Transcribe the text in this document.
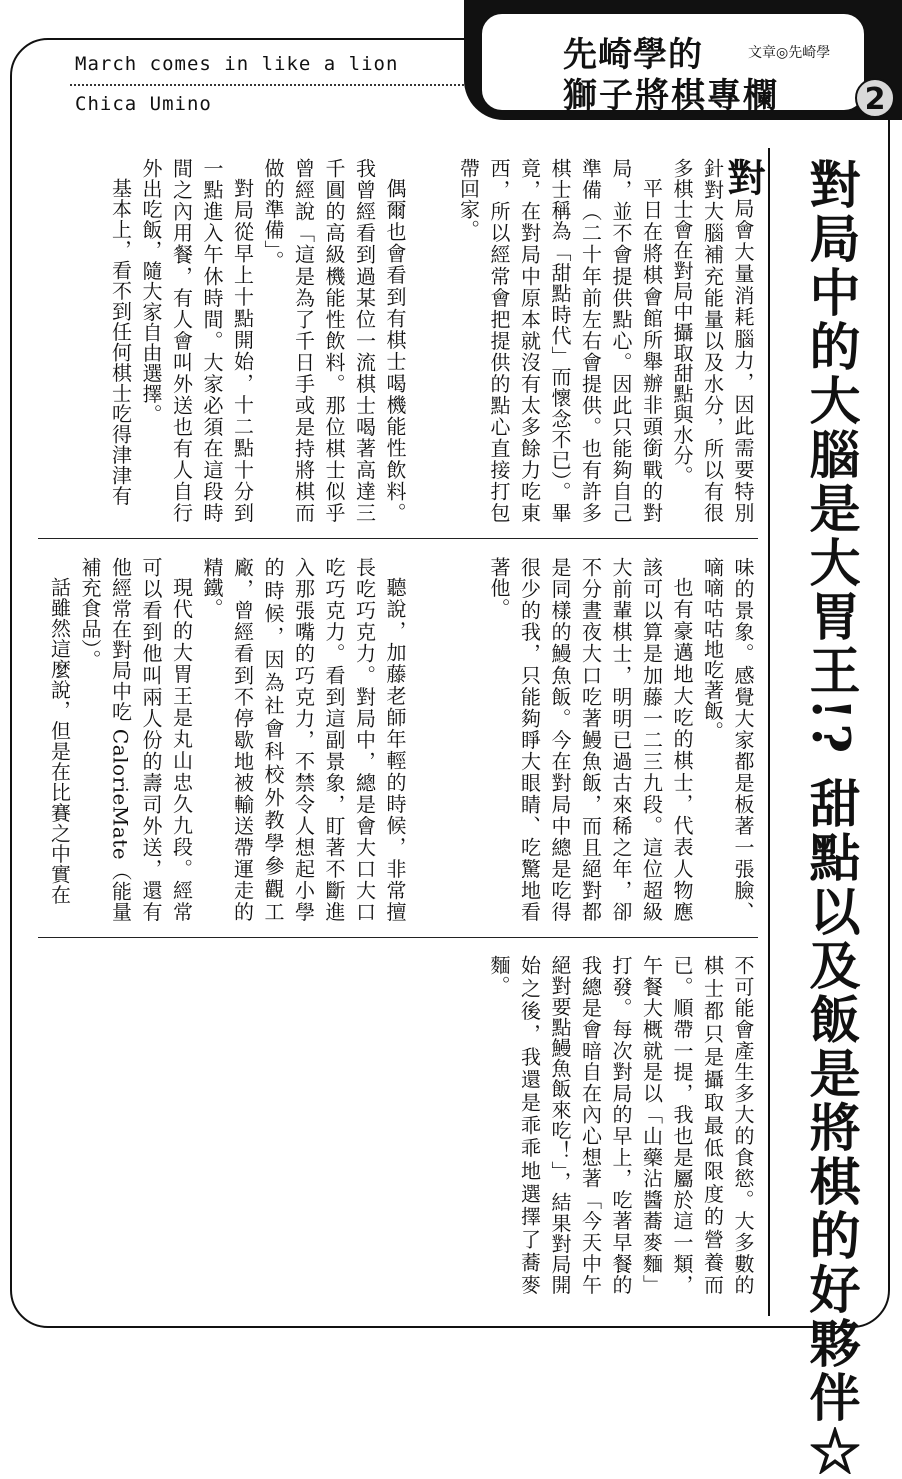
March comes in like a lion
Chica Umino
先崎學的
獅子將棋專欄
文章◎先崎學
2
對局中的大腦是大胃王!? 甜點以及飯是將棋的好夥伴☆

對局會大量消耗腦力，因此需要特別針對大腦補充能量以及水分，所以有很多棋士會在對局中攝取甜點與水分。

平日在將棋會館所舉辦非頭銜戰的對局，並不會提供點心。因此只能夠自己準備（二十年前左右會提供。也有許多棋士稱為「甜點時代」而懷念不已）。畢竟，在對局中原本就沒有太多餘力吃東西，所以經常會把提供的點心直接打包帶回家。

偶爾也會看到有棋士喝機能性飲料。我曾經看到過某位一流棋士喝著高達三千圓的高級機能性飲料。那位棋士似乎曾經說「這是為了千日手或是持將棋而做的準備」。

對局從早上十點開始，十二點十分到一點進入午休時間。大家必須在這段時間之內用餐，有人會叫外送也有人自行外出吃飯，隨大家自由選擇。

基本上，看不到任何棋士吃得津津有

味的景象。感覺大家都是板著一張臉、嘀嘀咕咕地吃著飯。

也有豪邁地大吃的棋士，代表人物應該可以算是加藤一二三九段。這位超級大前輩棋士，明明已過古來稀之年，卻不分晝夜大口吃著鰻魚飯，而且絕對都是同樣的鰻魚飯。今在對局中總是吃得很少的我，只能夠睜大眼睛、吃驚地看著他。

聽說，加藤老師年輕的時候，非常擅長吃巧克力。對局中，總是會大口大口吃巧克力。看到這副景象，盯著不斷進入那張嘴的巧克力，不禁令人想起小學的時候，因為社會科校外教學參觀工廠，曾經看到不停歇地被輸送帶運走的精鐵。

現代的大胃王是丸山忠久九段。經常可以看到他叫兩人份的壽司外送，還有他經常在對局中吃 CalorieMate（能量補充食品）。

話雖然這麼說，但是在比賽之中實在

不可能會產生多大的食慾。大多數的棋士都只是攝取最低限度的營養而已。順帶一提，我也是屬於這一類，午餐大概就是以「山藥沾醬蕎麥麵」打發。每次對局的早上，吃著早餐的我總是會暗自在內心想著「今天中午絕對要點鰻魚飯來吃！」，結果對局開始之後，我還是乖乖地選擇了蕎麥麵。
